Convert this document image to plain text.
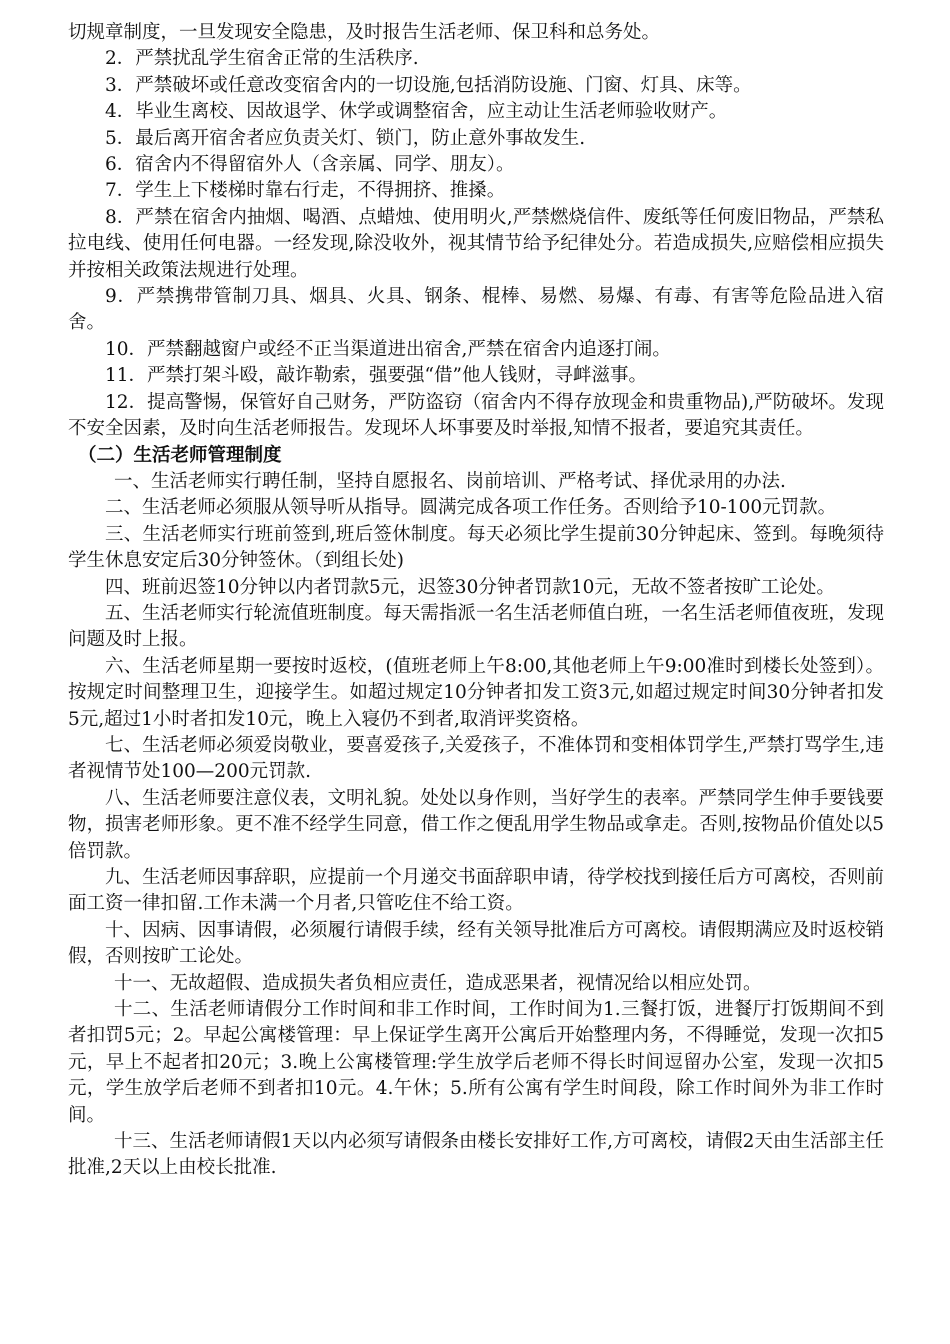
切规章制度，一旦发现安全隐患，及时报告生活老师、保卫科和总务处。

2．严禁扰乱学生宿舍正常的生活秩序.

3．严禁破坏或任意改变宿舍内的一切设施,包括消防设施、门窗、灯具、床等。

4．毕业生离校、因故退学、休学或调整宿舍，应主动让生活老师验收财产。

5．最后离开宿舍者应负责关灯、锁门，防止意外事故发生.

6．宿舍内不得留宿外人（含亲属、同学、朋友）。

7．学生上下楼梯时靠右行走，不得拥挤、推搡。

8．严禁在宿舍内抽烟、喝酒、点蜡烛、使用明火,严禁燃烧信件、废纸等任何废旧物品，严禁私拉电线、使用任何电器。一经发现,除没收外，视其情节给予纪律处分。若造成损失,应赔偿相应损失并按相关政策法规进行处理。

9．严禁携带管制刀具、烟具、火具、钢条、棍棒、易燃、易爆、有毒、有害等危险品进入宿舍。

10．严禁翻越窗户或经不正当渠道进出宿舍,严禁在宿舍内追逐打闹。

11．严禁打架斗殴，敲诈勒索，强要强“借”他人钱财，寻衅滋事。

12．提高警惕，保管好自己财务，严防盗窃（宿舍内不得存放现金和贵重物品),严防破坏。发现不安全因素，及时向生活老师报告。发现坏人坏事要及时举报,知情不报者，要追究其责任。

（二）生活老师管理制度

一、生活老师实行聘任制，坚持自愿报名、岗前培训、严格考试、择优录用的办法.

二、生活老师必须服从领导听从指导。圆满完成各项工作任务。否则给予10-100元罚款。

三、生活老师实行班前签到,班后签休制度。每天必须比学生提前30分钟起床、签到。每晚须待学生休息安定后30分钟签休。（到组长处)

四、班前迟签10分钟以内者罚款5元，迟签30分钟者罚款10元，无故不签者按旷工论处。

五、生活老师实行轮流值班制度。每天需指派一名生活老师值白班，一名生活老师值夜班，发现问题及时上报。

六、生活老师星期一要按时返校，(值班老师上午8:00,其他老师上午9:00准时到楼长处签到）。按规定时间整理卫生，迎接学生。如超过规定10分钟者扣发工资3元,如超过规定时间30分钟者扣发5元,超过1小时者扣发10元，晚上入寝仍不到者,取消评奖资格。

七、生活老师必须爱岗敬业，要喜爱孩子,关爱孩子，不准体罚和变相体罚学生,严禁打骂学生,违者视情节处100—200元罚款.

八、生活老师要注意仪表，文明礼貌。处处以身作则，当好学生的表率。严禁同学生伸手要钱要物，损害老师形象。更不准不经学生同意，借工作之便乱用学生物品或拿走。否则,按物品价值处以5倍罚款。

九、生活老师因事辞职，应提前一个月递交书面辞职申请，待学校找到接任后方可离校，否则前面工资一律扣留.工作未满一个月者,只管吃住不给工资。

十、因病、因事请假，必须履行请假手续，经有关领导批准后方可离校。请假期满应及时返校销假，否则按旷工论处。

十一、无故超假、造成损失者负相应责任，造成恶果者，视情况给以相应处罚。

十二、生活老师请假分工作时间和非工作时间，工作时间为1.三餐打饭，进餐厅打饭期间不到者扣罚5元；2。早起公寓楼管理：早上保证学生离开公寓后开始整理内务，不得睡觉，发现一次扣5元，早上不起者扣20元；3.晚上公寓楼管理:学生放学后老师不得长时间逗留办公室，发现一次扣5元，学生放学后老师不到者扣10元。4.午休；5.所有公寓有学生时间段，除工作时间外为非工作时间。

十三、生活老师请假1天以内必须写请假条由楼长安排好工作,方可离校，请假2天由生活部主任批准,2天以上由校长批准.
